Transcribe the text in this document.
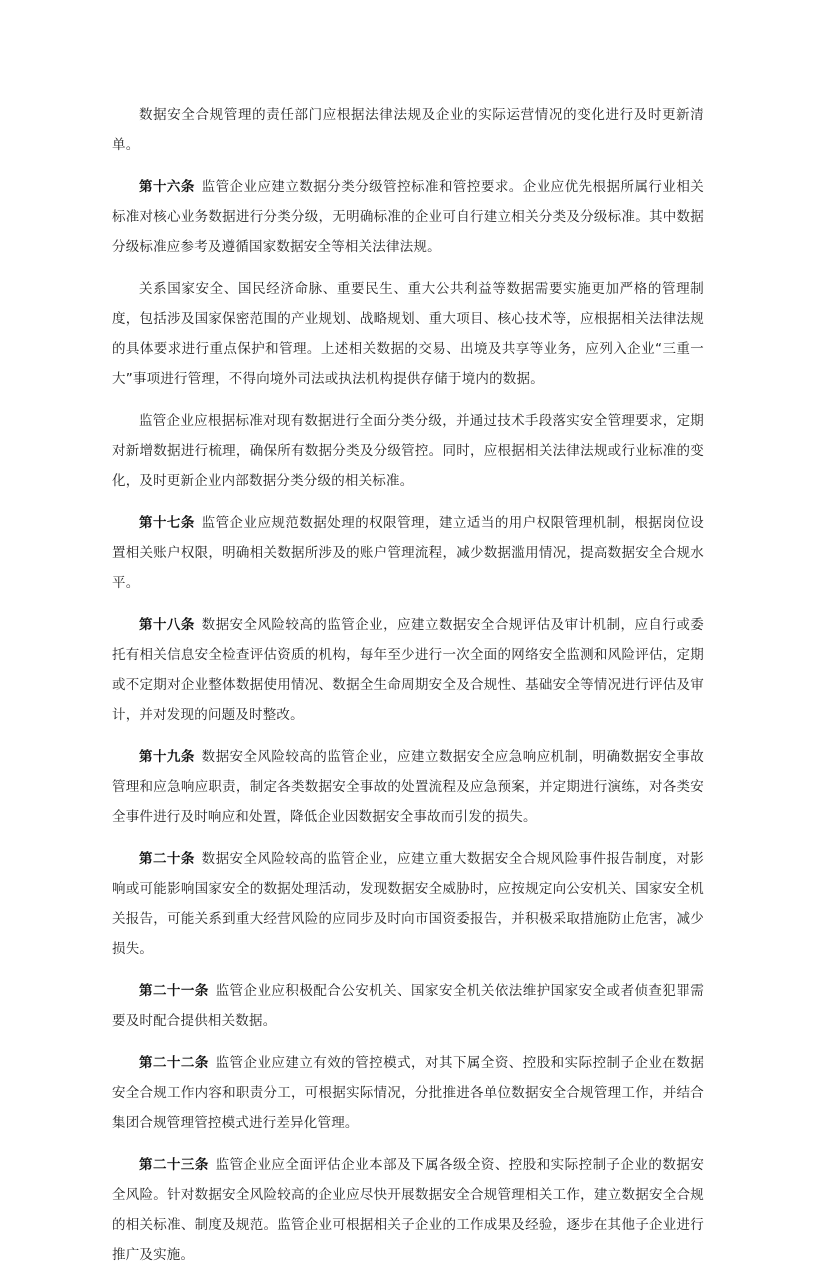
数据安全合规管理的责任部门应根据法律法规及企业的实际运营情况的变化进行及时更新清单。

第十六条 监管企业应建立数据分类分级管控标准和管控要求。企业应优先根据所属行业相关标准对核心业务数据进行分类分级，无明确标准的企业可自行建立相关分类及分级标准。其中数据分级标准应参考及遵循国家数据安全等相关法律法规。

关系国家安全、国民经济命脉、重要民生、重大公共利益等数据需要实施更加严格的管理制度，包括涉及国家保密范围的产业规划、战略规划、重大项目、核心技术等，应根据相关法律法规的具体要求进行重点保护和管理。上述相关数据的交易、出境及共享等业务，应列入企业“三重一大”事项进行管理，不得向境外司法或执法机构提供存储于境内的数据。

监管企业应根据标准对现有数据进行全面分类分级，并通过技术手段落实安全管理要求，定期对新增数据进行梳理，确保所有数据分类及分级管控。同时，应根据相关法律法规或行业标准的变化，及时更新企业内部数据分类分级的相关标准。

第十七条 监管企业应规范数据处理的权限管理，建立适当的用户权限管理机制，根据岗位设置相关账户权限，明确相关数据所涉及的账户管理流程，减少数据滥用情况，提高数据安全合规水平。

第十八条 数据安全风险较高的监管企业，应建立数据安全合规评估及审计机制，应自行或委托有相关信息安全检查评估资质的机构，每年至少进行一次全面的网络安全监测和风险评估，定期或不定期对企业整体数据使用情况、数据全生命周期安全及合规性、基础安全等情况进行评估及审计，并对发现的问题及时整改。

第十九条 数据安全风险较高的监管企业，应建立数据安全应急响应机制，明确数据安全事故管理和应急响应职责，制定各类数据安全事故的处置流程及应急预案，并定期进行演练，对各类安全事件进行及时响应和处置，降低企业因数据安全事故而引发的损失。

第二十条 数据安全风险较高的监管企业，应建立重大数据安全合规风险事件报告制度，对影响或可能影响国家安全的数据处理活动，发现数据安全威胁时，应按规定向公安机关、国家安全机关报告，可能关系到重大经营风险的应同步及时向市国资委报告，并积极采取措施防止危害，减少损失。

第二十一条 监管企业应积极配合公安机关、国家安全机关依法维护国家安全或者侦查犯罪需要及时配合提供相关数据。

第二十二条 监管企业应建立有效的管控模式，对其下属全资、控股和实际控制子企业在数据安全合规工作内容和职责分工，可根据实际情况，分批推进各单位数据安全合规管理工作，并结合集团合规管理管控模式进行差异化管理。

第二十三条 监管企业应全面评估企业本部及下属各级全资、控股和实际控制子企业的数据安全风险。针对数据安全风险较高的企业应尽快开展数据安全合规管理相关工作，建立数据安全合规的相关标准、制度及规范。监管企业可根据相关子企业的工作成果及经验，逐步在其他子企业进行推广及实施。
